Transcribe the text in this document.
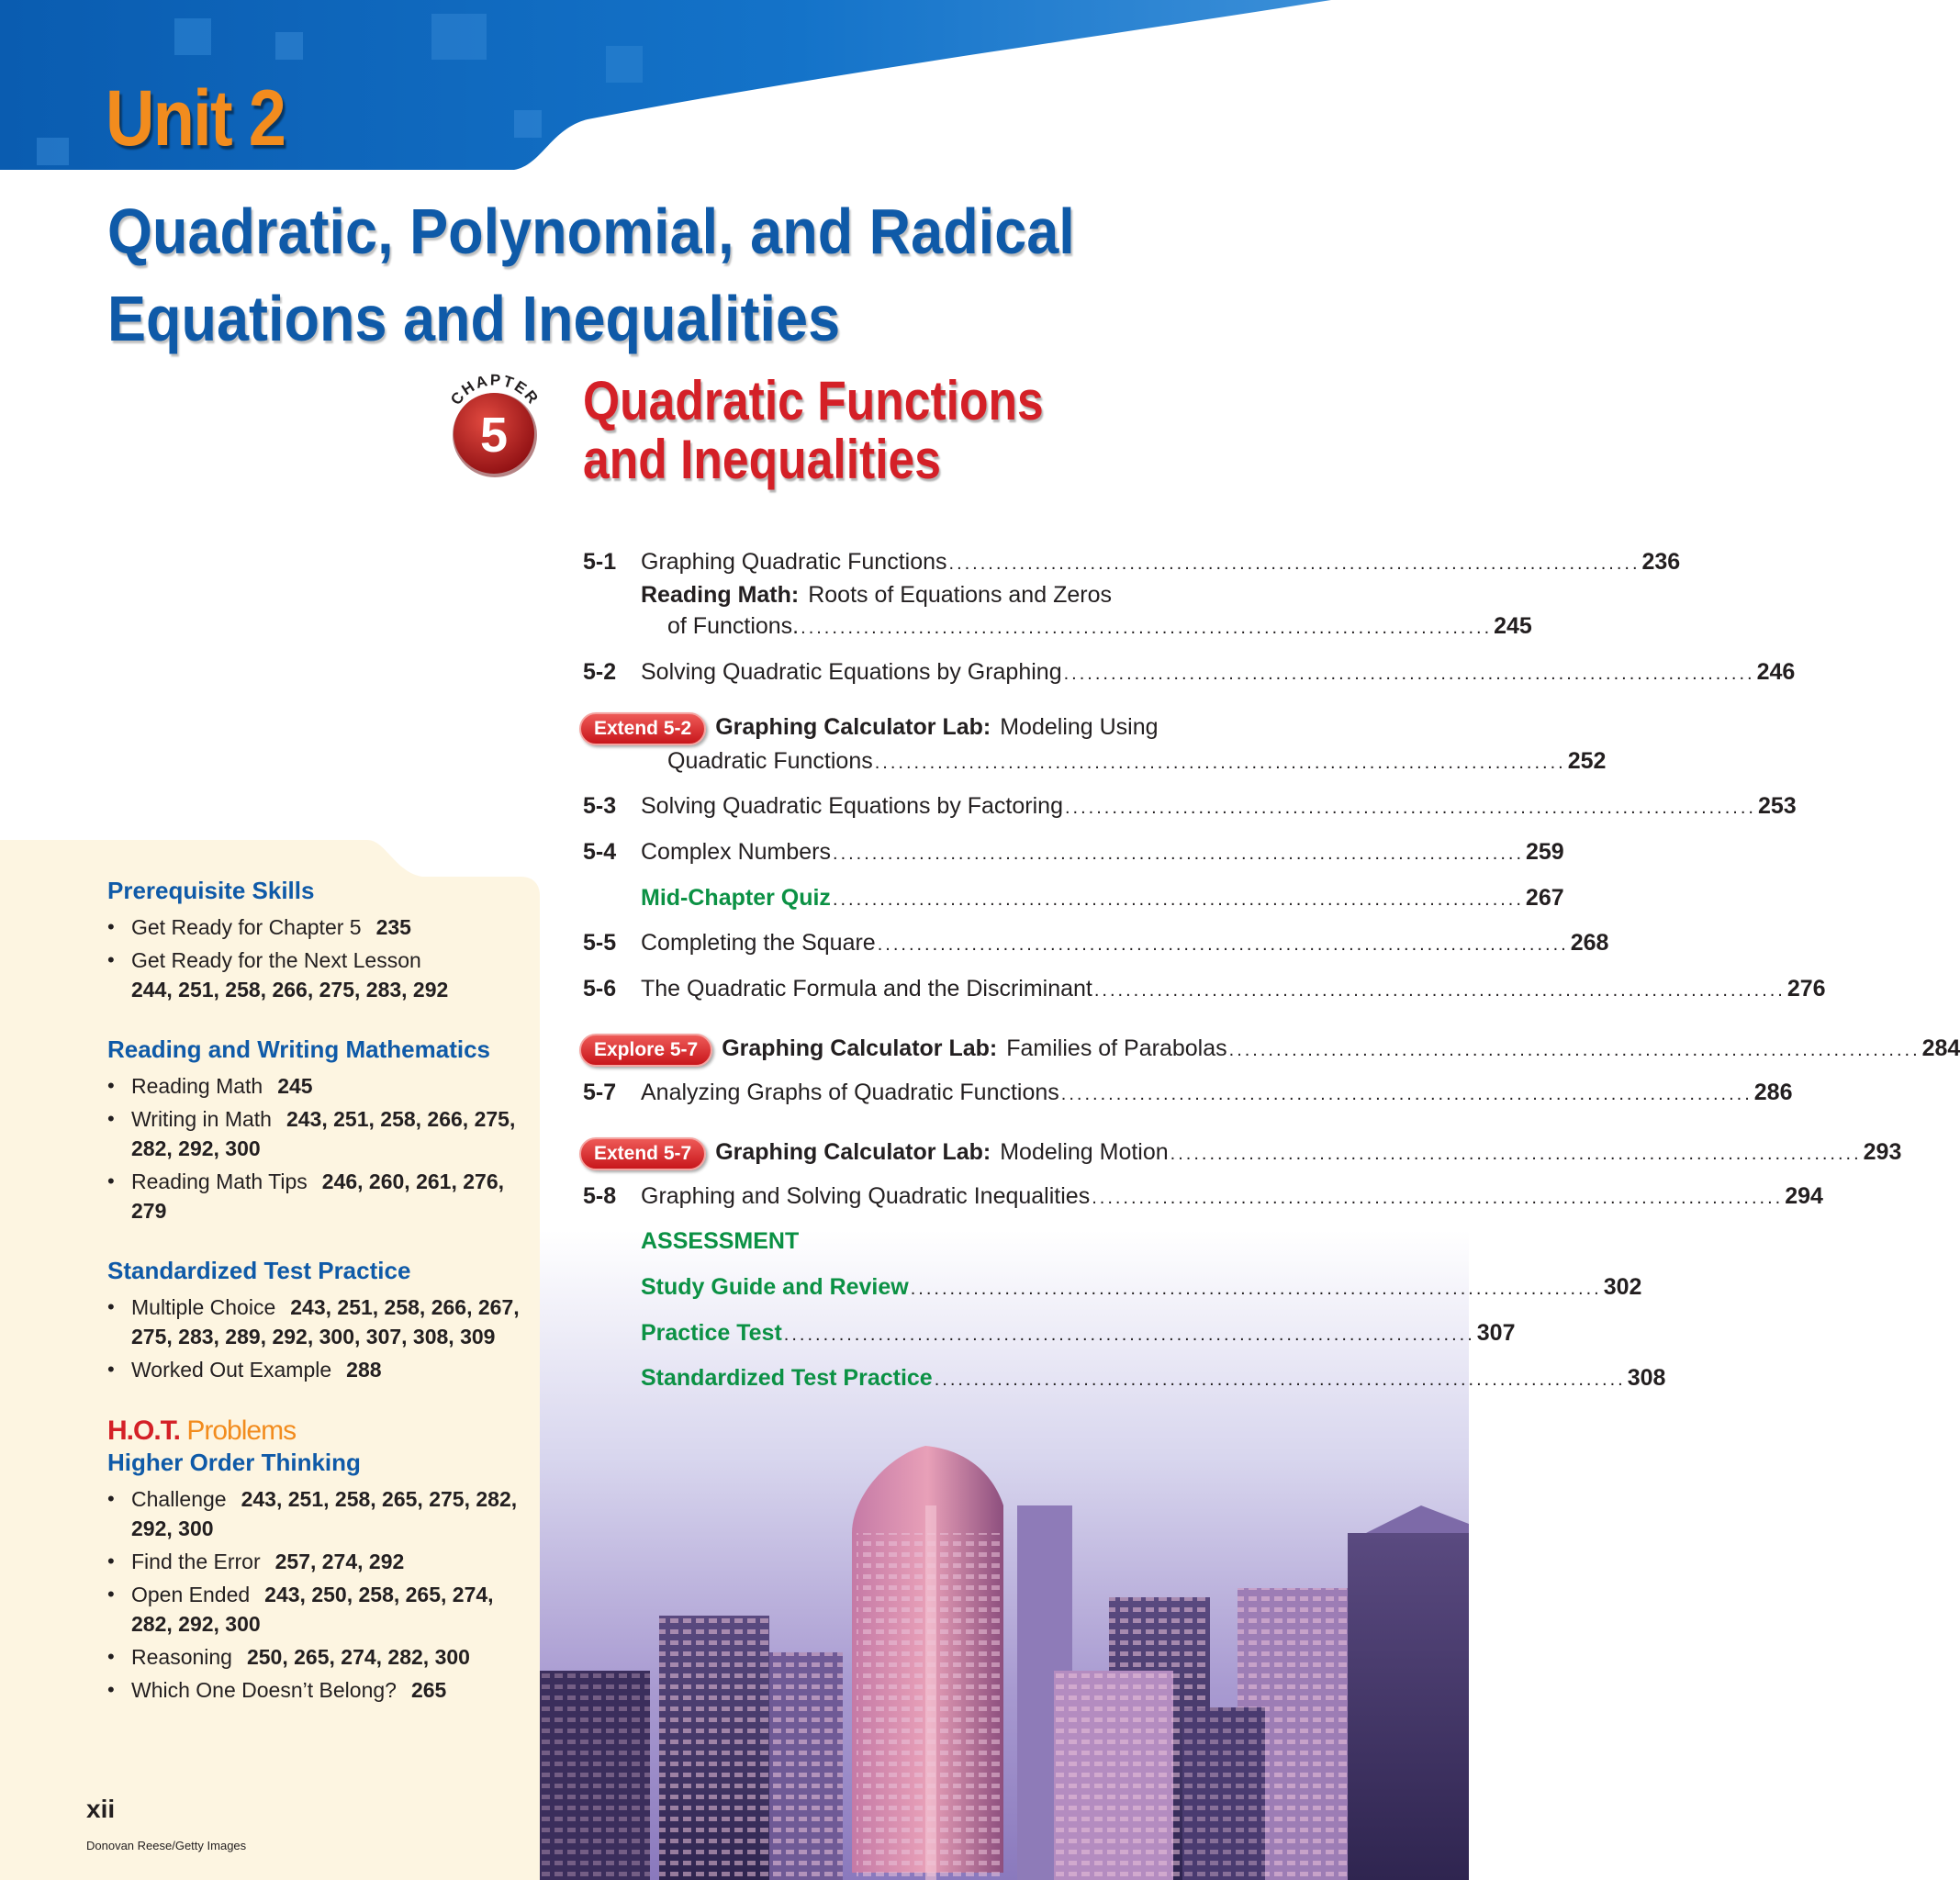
Unit 2
Quadratic, Polynomial, and Radical
Equations and Inequalities
CHAPTER
5
Quadratic Functions
and Inequalities
Prerequisite Skills
• Get Ready for Chapter 5 235
• Get Ready for the Next Lesson
244, 251, 258, 266, 275, 283, 292
Reading and Writing Mathematics
• Reading Math 245
• Writing in Math 243, 251, 258, 266, 275, 282, 292, 300
• Reading Math Tips 246, 260, 261, 276, 279
Standardized Test Practice
• Multiple Choice 243, 251, 258, 266, 267, 275, 283, 289, 292, 300, 307, 308, 309
• Worked Out Example 288

H.O.T. Problems

Higher Order Thinking
• Challenge 243, 251, 258, 265, 275, 282, 292, 300
• Find the Error 257, 274, 292
• Open Ended 243, 250, 258, 265, 274, 282, 292, 300
• Reasoning 250, 265, 274, 282, 300
• Which One Doesn’t Belong? 265

xii

Donovan Reese/Getty Images

5-1	Graphing Quadratic Functions ........................................................................................ 236
Reading Math: Roots of Equations and Zeros
of Functions. ........................................................................................ 245
5-2	Solving Quadratic Equations by Graphing ........................................................................................ 246
Extend 5-2	Graphing Calculator Lab: Modeling Using
Quadratic Functions ........................................................................................ 252
5-3	Solving Quadratic Equations by Factoring ........................................................................................ 253
5-4	Complex Numbers ........................................................................................ 259
Mid-Chapter Quiz ........................................................................................ 267
5-5	Completing the Square ........................................................................................ 268
5-6	The Quadratic Formula and the Discriminant ........................................................................................ 276
Explore 5-7	Graphing Calculator Lab: Families of Parabolas ........................................................................................ 284
5-7	Analyzing Graphs of Quadratic Functions ........................................................................................ 286
Extend 5-7	Graphing Calculator Lab: Modeling Motion ........................................................................................ 293
5-8	Graphing and Solving Quadratic Inequalities ........................................................................................ 294
ASSESSMENT
Study Guide and Review ........................................................................................ 302
Practice Test ........................................................................................ 307
Standardized Test Practice ........................................................................................ 308
